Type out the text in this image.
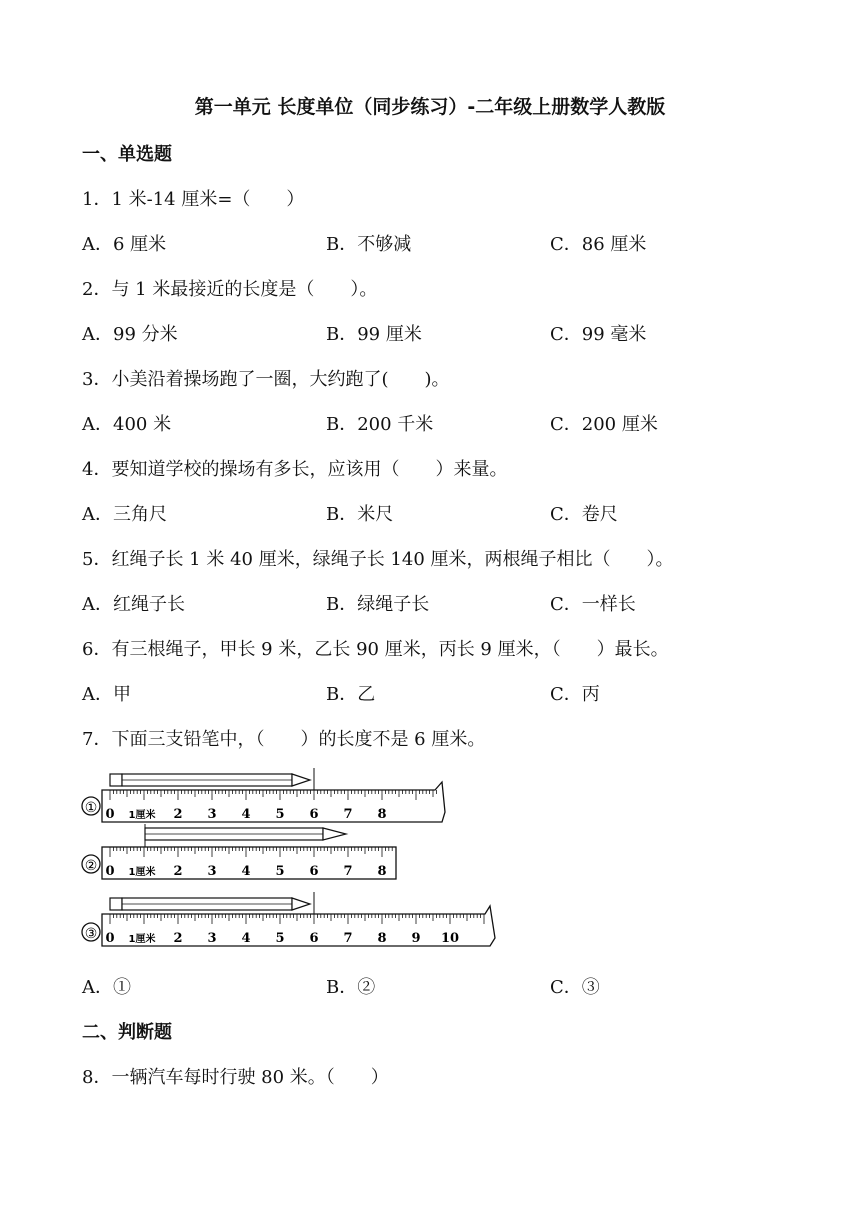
第一单元 长度单位（同步练习）-二年级上册数学人教版
一、单选题
1．1 米-14 厘米=（　　）
A．6 厘米	B．不够减	C．86 厘米
2．与 1 米最接近的长度是（　　）。
A．99 分米	B．99 厘米	C．99 毫米
3．小美沿着操场跑了一圈，大约跑了(　　)。
A．400 米	B．200 千米	C．200 厘米
4．要知道学校的操场有多长，应该用（　　）来量。
A．三角尺	B．米尺	C．卷尺
5．红绳子长 1 米 40 厘米，绿绳子长 140 厘米，两根绳子相比（　　）。
A．红绳子长	B．绿绳子长	C．一样长
6．有三根绳子，甲长 9 米，乙长 90 厘米，丙长 9 厘米，（　　）最长。
A．甲	B．乙	C．丙
7．下面三支铅笔中，（　　）的长度不是 6 厘米。
① 0 1厘米 2 3 4 5 6 7 8
② 0 1厘米 2 3 4 5 6 7 8
③ 0 1厘米 2 3 4 5 6 7 8 9 10
A．①	B．②	C．③
二、判断题
8．一辆汽车每时行驶 80 米。（　　）
